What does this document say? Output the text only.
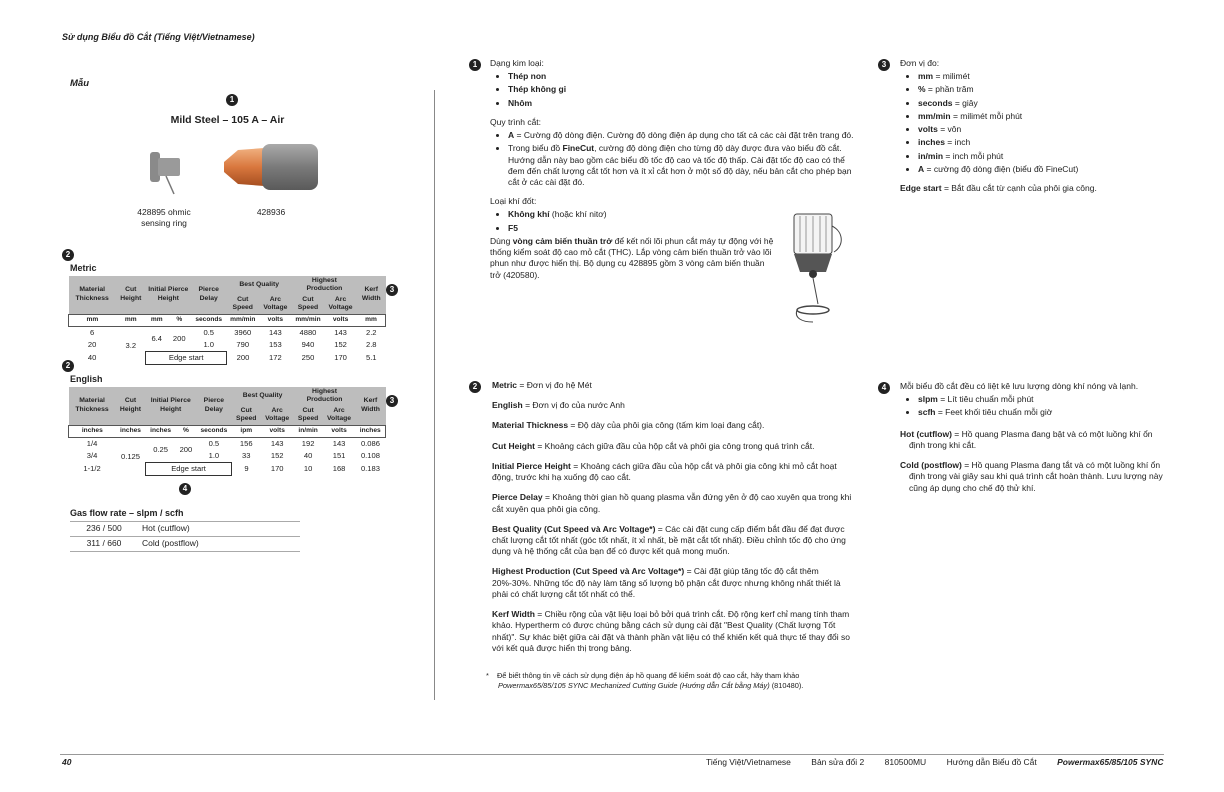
Sử dụng Biểu đồ Cắt (Tiếng Việt/Vietnamese)
Mẫu
1
Mild Steel – 105 A – Air
428895 ohmic
sensing ring
428936
2
Metric
3
Material Thickness	Cut Height	Initial Pierce Height		Pierce Delay	Best Quality		Highest Production		Kerf Width
					Cut Speed	Arc Voltage	Cut Speed	Arc Voltage	
mm	mm	mm	%	seconds	mm/min	volts	mm/min	volts	mm
6	3.2	6.4	200	0.5	3960	143	4880	143	2.2
20				1.0	790	153	940	152	2.8
40		Edge start			200	172	250	170	5.1
2
English
3
Material Thickness	Cut Height	Initial Pierce Height		Pierce Delay	Best Quality		Highest Production		Kerf Width
					Cut Speed	Arc Voltage	Cut Speed	Arc Voltage	
inches	inches	inches	%	seconds	ipm	volts	in/min	volts	inches
1/4	0.125	0.25	200	0.5	156	143	192	143	0.086
3/4				1.0	33	152	40	151	0.108
1-1/2		Edge start			9	170	10	168	0.183
4
Gas flow rate – slpm / scfh
236 / 500	Hot (cutflow)
311 / 660	Cold (postflow)
1	Dạng kim loại:
• Thép non
• Thép không gỉ
• Nhôm
Quy trình cắt:
• A = Cường độ dòng điện. Cường độ dòng điện áp dụng cho tất cả các cài đặt trên trang đó.
• Trong biểu đồ FineCut, cường độ dòng điện cho từng độ dày được đưa vào biểu đồ cắt. Hướng dẫn này bao gồm các biểu đồ tốc độ cao và tốc độ thấp. Cài đặt tốc độ cao có thể đem đến chất lượng cắt tốt hơn và ít xỉ cắt hơn ở một số độ dày, nếu bản cắt cho phép bạn cắt ở các cài đặt đó.
Loại khí đốt:
• Không khí (hoặc khí nitơ)
• F5
Dùng vòng cảm biến thuần trở để kết nối lõi phun cắt máy tự động với hệ thống kiểm soát độ cao mỏ cắt (THC). Lắp vòng cảm biến thuần trở vào lõi phun như được hiển thị. Bộ dụng cụ 428895 gồm 3 vòng cảm biến thuần trở (420580).
2	Metric = Đơn vị đo hệ Mét
English = Đơn vị đo của nước Anh
Material Thickness = Độ dày của phôi gia công (tấm kim loại đang cắt).
Cut Height = Khoảng cách giữa đầu của hộp cắt và phôi gia công trong quá trình cắt.
Initial Pierce Height = Khoảng cách giữa đầu của hộp cắt và phôi gia công khi mỏ cắt hoạt động, trước khi hạ xuống độ cao cắt.
Pierce Delay = Khoảng thời gian hồ quang plasma vẫn đứng yên ở độ cao xuyên qua trong khi cắt xuyên qua phôi gia công.
Best Quality (Cut Speed và Arc Voltage*) = Các cài đặt cung cấp điểm bắt đầu để đạt được chất lượng cắt tốt nhất (góc tốt nhất, ít xỉ nhất, bề mặt cắt tốt nhất). Điều chỉnh tốc độ cho ứng dụng và hệ thống cắt của bạn để có được kết quả mong muốn.
Highest Production (Cut Speed và Arc Voltage*) = Cài đặt giúp tăng tốc độ cắt thêm 20%-30%. Những tốc độ này làm tăng số lượng bộ phận cắt được nhưng không nhất thiết là phải có chất lượng cắt tốt nhất có thể.
Kerf Width = Chiều rộng của vật liệu loại bỏ bởi quá trình cắt. Độ rộng kerf chỉ mang tính tham khảo. Hypertherm có được chúng bằng cách sử dụng cài đặt "Best Quality (Chất lượng Tốt nhất)". Sự khác biệt giữa cài đặt và thành phần vật liệu có thể khiến kết quả thực tế thay đổi so với kết quả được hiển thị trong bảng.
* Để biết thông tin về cách sử dụng điện áp hồ quang để kiểm soát độ cao cắt, hãy tham khảo
Powermax65/85/105 SYNC Mechanized Cutting Guide (Hướng dẫn Cắt bằng Máy) (810480).
3	Đơn vị đo:
• mm = milimét
• % = phần trăm
• seconds = giây
• mm/min = milimét mỗi phút
• volts = vôn
• inches = inch
• in/min = inch mỗi phút
• A = cường độ dòng điện (biểu đồ FineCut)
Edge start = Bắt đầu cắt từ cạnh của phôi gia công.
4	Mỗi biểu đồ cắt đều có liệt kê lưu lượng dòng khí nóng và lạnh.
• slpm = Lít tiêu chuẩn mỗi phút
• scfh = Feet khối tiêu chuẩn mỗi giờ
Hot (cutflow) = Hồ quang Plasma đang bật và có một luồng khí ổn định trong khi cắt.
Cold (postflow) = Hồ quang Plasma đang tắt và có một luồng khí ổn định trong vài giây sau khi quá trình cắt hoàn thành. Lưu lượng này cũng áp dụng cho chế độ thử khí.
40	Tiếng Việt/Vietnamese Bản sửa đổi 2 810500MU Hướng dẫn Biểu đồ Cắt Powermax65/85/105 SYNC
